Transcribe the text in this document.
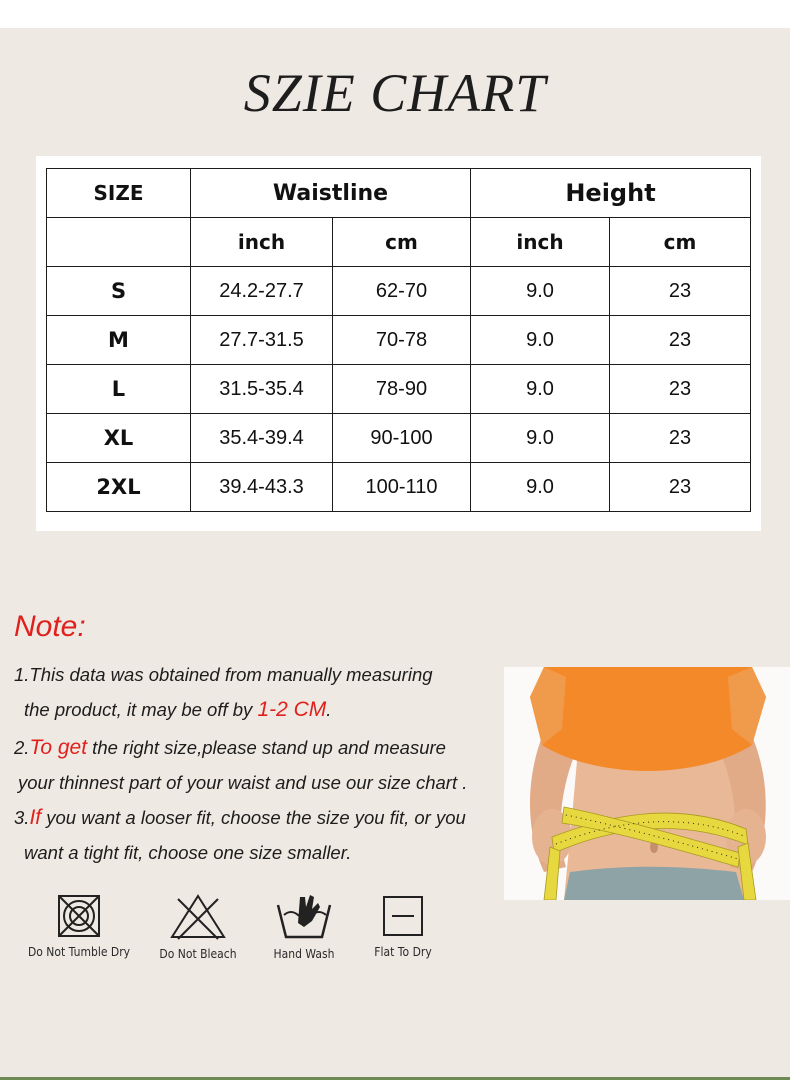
SZIE CHART
SIZE	Waistline		Height	
	inch	cm	inch	cm
S	24.2-27.7	62-70	9.0	23
M	27.7-31.5	70-78	9.0	23
L	31.5-35.4	78-90	9.0	23
XL	35.4-39.4	90-100	9.0	23
2XL	39.4-43.3	100-110	9.0	23
Note:

1.This data was obtained from manually measuring

the product, it may be off by 1-2 CM.

2.To get the right size,please stand up and measure

your thinnest part of your waist and use our size chart .

3.If you want a looser fit, choose the size you fit, or you

want a tight fit, choose one size smaller.

Do Not Tumble Dry	Do Not Bleach	Hand Wash	Flat To Dry
